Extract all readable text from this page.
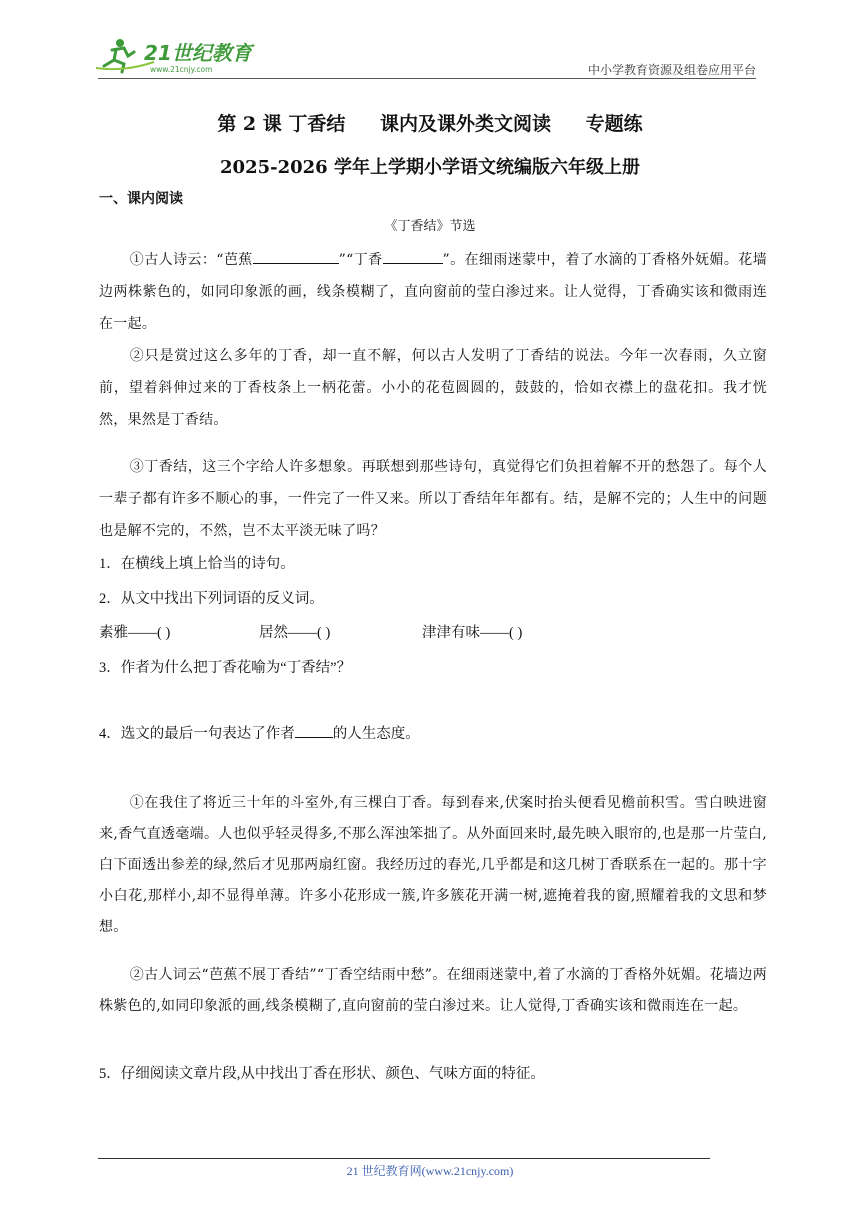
21世纪教育
www.21cnjy.com	中小学教育资源及组卷应用平台
第 2 课 丁香结 课内及课外类文阅读 专题练
2025-2026 学年上学期小学语文统编版六年级上册
一、课内阅读
《丁香结》节选

①古人诗云：“芭蕉	”“丁香	”。在细雨迷蒙中，着了水滴的丁香格外妩媚。花墙边两株紫色的，如同印象派的画，线条模糊了，直向窗前的莹白渗过来。让人觉得，丁香确实该和微雨连在一起。

②只是赏过这么多年的丁香，却一直不解，何以古人发明了丁香结的说法。今年一次春雨，久立窗前，望着斜伸过来的丁香枝条上一柄花蕾。小小的花苞圆圆的，鼓鼓的，恰如衣襟上的盘花扣。我才恍然，果然是丁香结。

③丁香结，这三个字给人许多想象。再联想到那些诗句，真觉得它们负担着解不开的愁怨了。每个人一辈子都有许多不顺心的事，一件完了一件又来。所以丁香结年年都有。结，是解不完的；人生中的问题也是解不完的，不然，岂不太平淡无味了吗？

1．在横线上填上恰当的诗句。
2．从文中找出下列词语的反义词。
素雅——( )	居然——( )	津津有味——( )
3．作者为什么把丁香花喻为“丁香结”？
4．选文的最后一句表达了作者	的人生态度。

①在我住了将近三十年的斗室外,有三棵白丁香。每到春来,伏案时抬头便看见檐前积雪。雪白映进窗来,香气直透毫端。人也似乎轻灵得多,不那么浑浊笨拙了。从外面回来时,最先映入眼帘的,也是那一片莹白,白下面透出参差的绿,然后才见那两扇红窗。我经历过的春光,几乎都是和这几树丁香联系在一起的。那十字小白花,那样小,却不显得单薄。许多小花形成一簇,许多簇花开满一树,遮掩着我的窗,照耀着我的文思和梦想。

②古人词云“芭蕉不展丁香结”“丁香空结雨中愁”。在细雨迷蒙中,着了水滴的丁香格外妩媚。花墙边两株紫色的,如同印象派的画,线条模糊了,直向窗前的莹白渗过来。让人觉得,丁香确实该和微雨连在一起。

5．仔细阅读文章片段,从中找出丁香在形状、颜色、气味方面的特征。
21 世纪教育网(www.21cnjy.com)
